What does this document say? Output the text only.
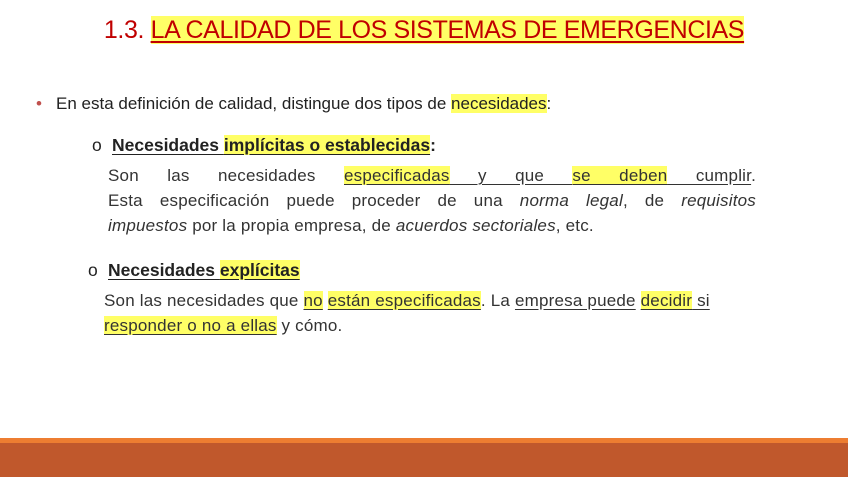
1.3. LA CALIDAD DE LOS SISTEMAS DE EMERGENCIAS
• En esta definición de calidad, distingue dos tipos de necesidades:
o Necesidades implícitas o establecidas:
Son las necesidades especificadas y que se deben cumplir.
Esta especificación puede proceder de una norma legal, de requisitos
impuestos por la propia empresa, de acuerdos sectoriales, etc.
o Necesidades explícitas
Son las necesidades que no están especificadas. La empresa puede decidir si
responder o no a ellas y cómo.
